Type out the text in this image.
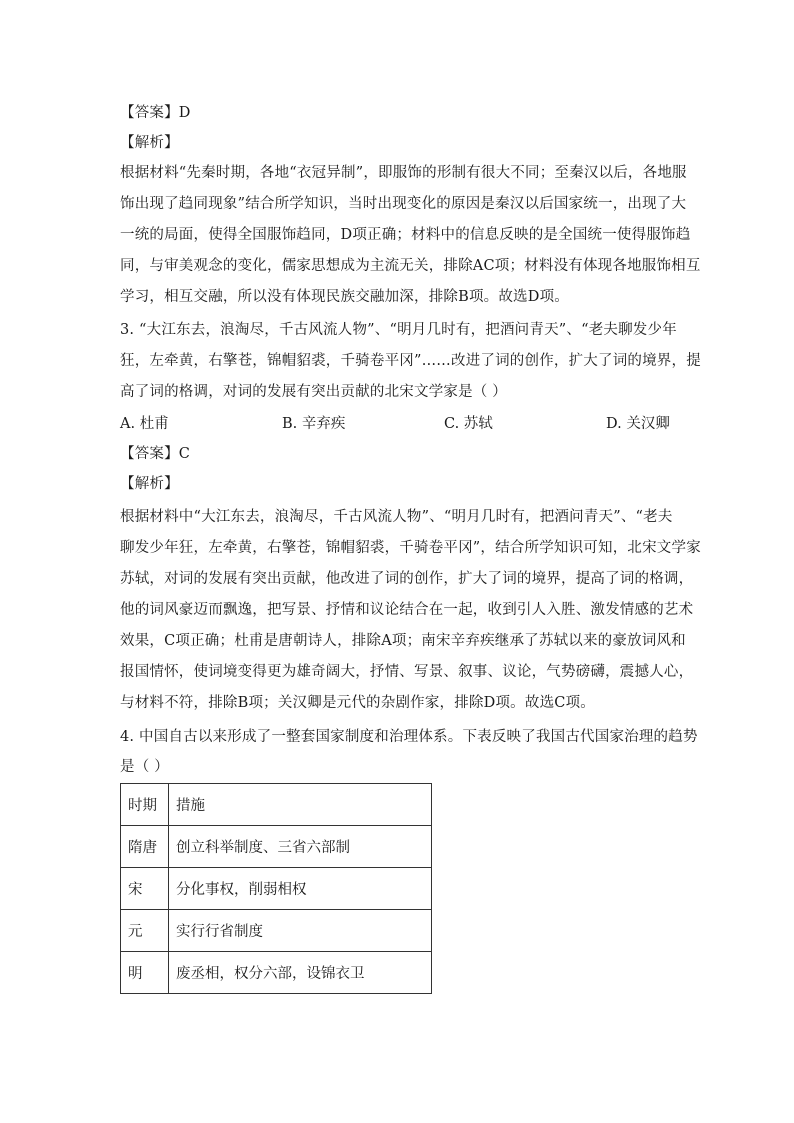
【答案】D
【解析】
根据材料“先秦时期，各地“衣冠异制”，即服饰的形制有很大不同；至秦汉以后，各地服
饰出现了趋同现象”结合所学知识，当时出现变化的原因是秦汉以后国家统一，出现了大
一统的局面，使得全国服饰趋同，D项正确；材料中的信息反映的是全国统一使得服饰趋
同，与审美观念的变化，儒家思想成为主流无关，排除AC项；材料没有体现各地服饰相互
学习，相互交融，所以没有体现民族交融加深，排除B项。故选D项。
3. “大江东去，浪淘尽，千古风流人物”、“明月几时有，把酒问青天”、“老夫聊发少年
狂，左牵黄，右擎苍，锦帽貂裘，千骑卷平冈”……改进了词的创作，扩大了词的境界，提
高了词的格调，对词的发展有突出贡献的北宋文学家是（ ）
A. 杜甫	B. 辛弃疾	C. 苏轼	D. 关汉卿
【答案】C
【解析】
根据材料中“大江东去，浪淘尽，千古风流人物”、“明月几时有，把酒问青天”、“老夫
聊发少年狂，左牵黄，右擎苍，锦帽貂裘，千骑卷平冈”，结合所学知识可知，北宋文学家
苏轼，对词的发展有突出贡献，他改进了词的创作，扩大了词的境界，提高了词的格调，
他的词风豪迈而飘逸，把写景、抒情和议论结合在一起，收到引人入胜、激发情感的艺术
效果，C项正确；杜甫是唐朝诗人，排除A项；南宋辛弃疾继承了苏轼以来的豪放词风和
报国情怀，使词境变得更为雄奇阔大，抒情、写景、叙事、议论，气势磅礴，震撼人心，
与材料不符，排除B项；关汉卿是元代的杂剧作家，排除D项。故选C项。
4. 中国自古以来形成了一整套国家制度和治理体系。下表反映了我国古代国家治理的趋势
是（ ）
时期	措施
隋唐	创立科举制度、三省六部制
宋	分化事权，削弱相权
元	实行行省制度
明	废丞相，权分六部，设锦衣卫
